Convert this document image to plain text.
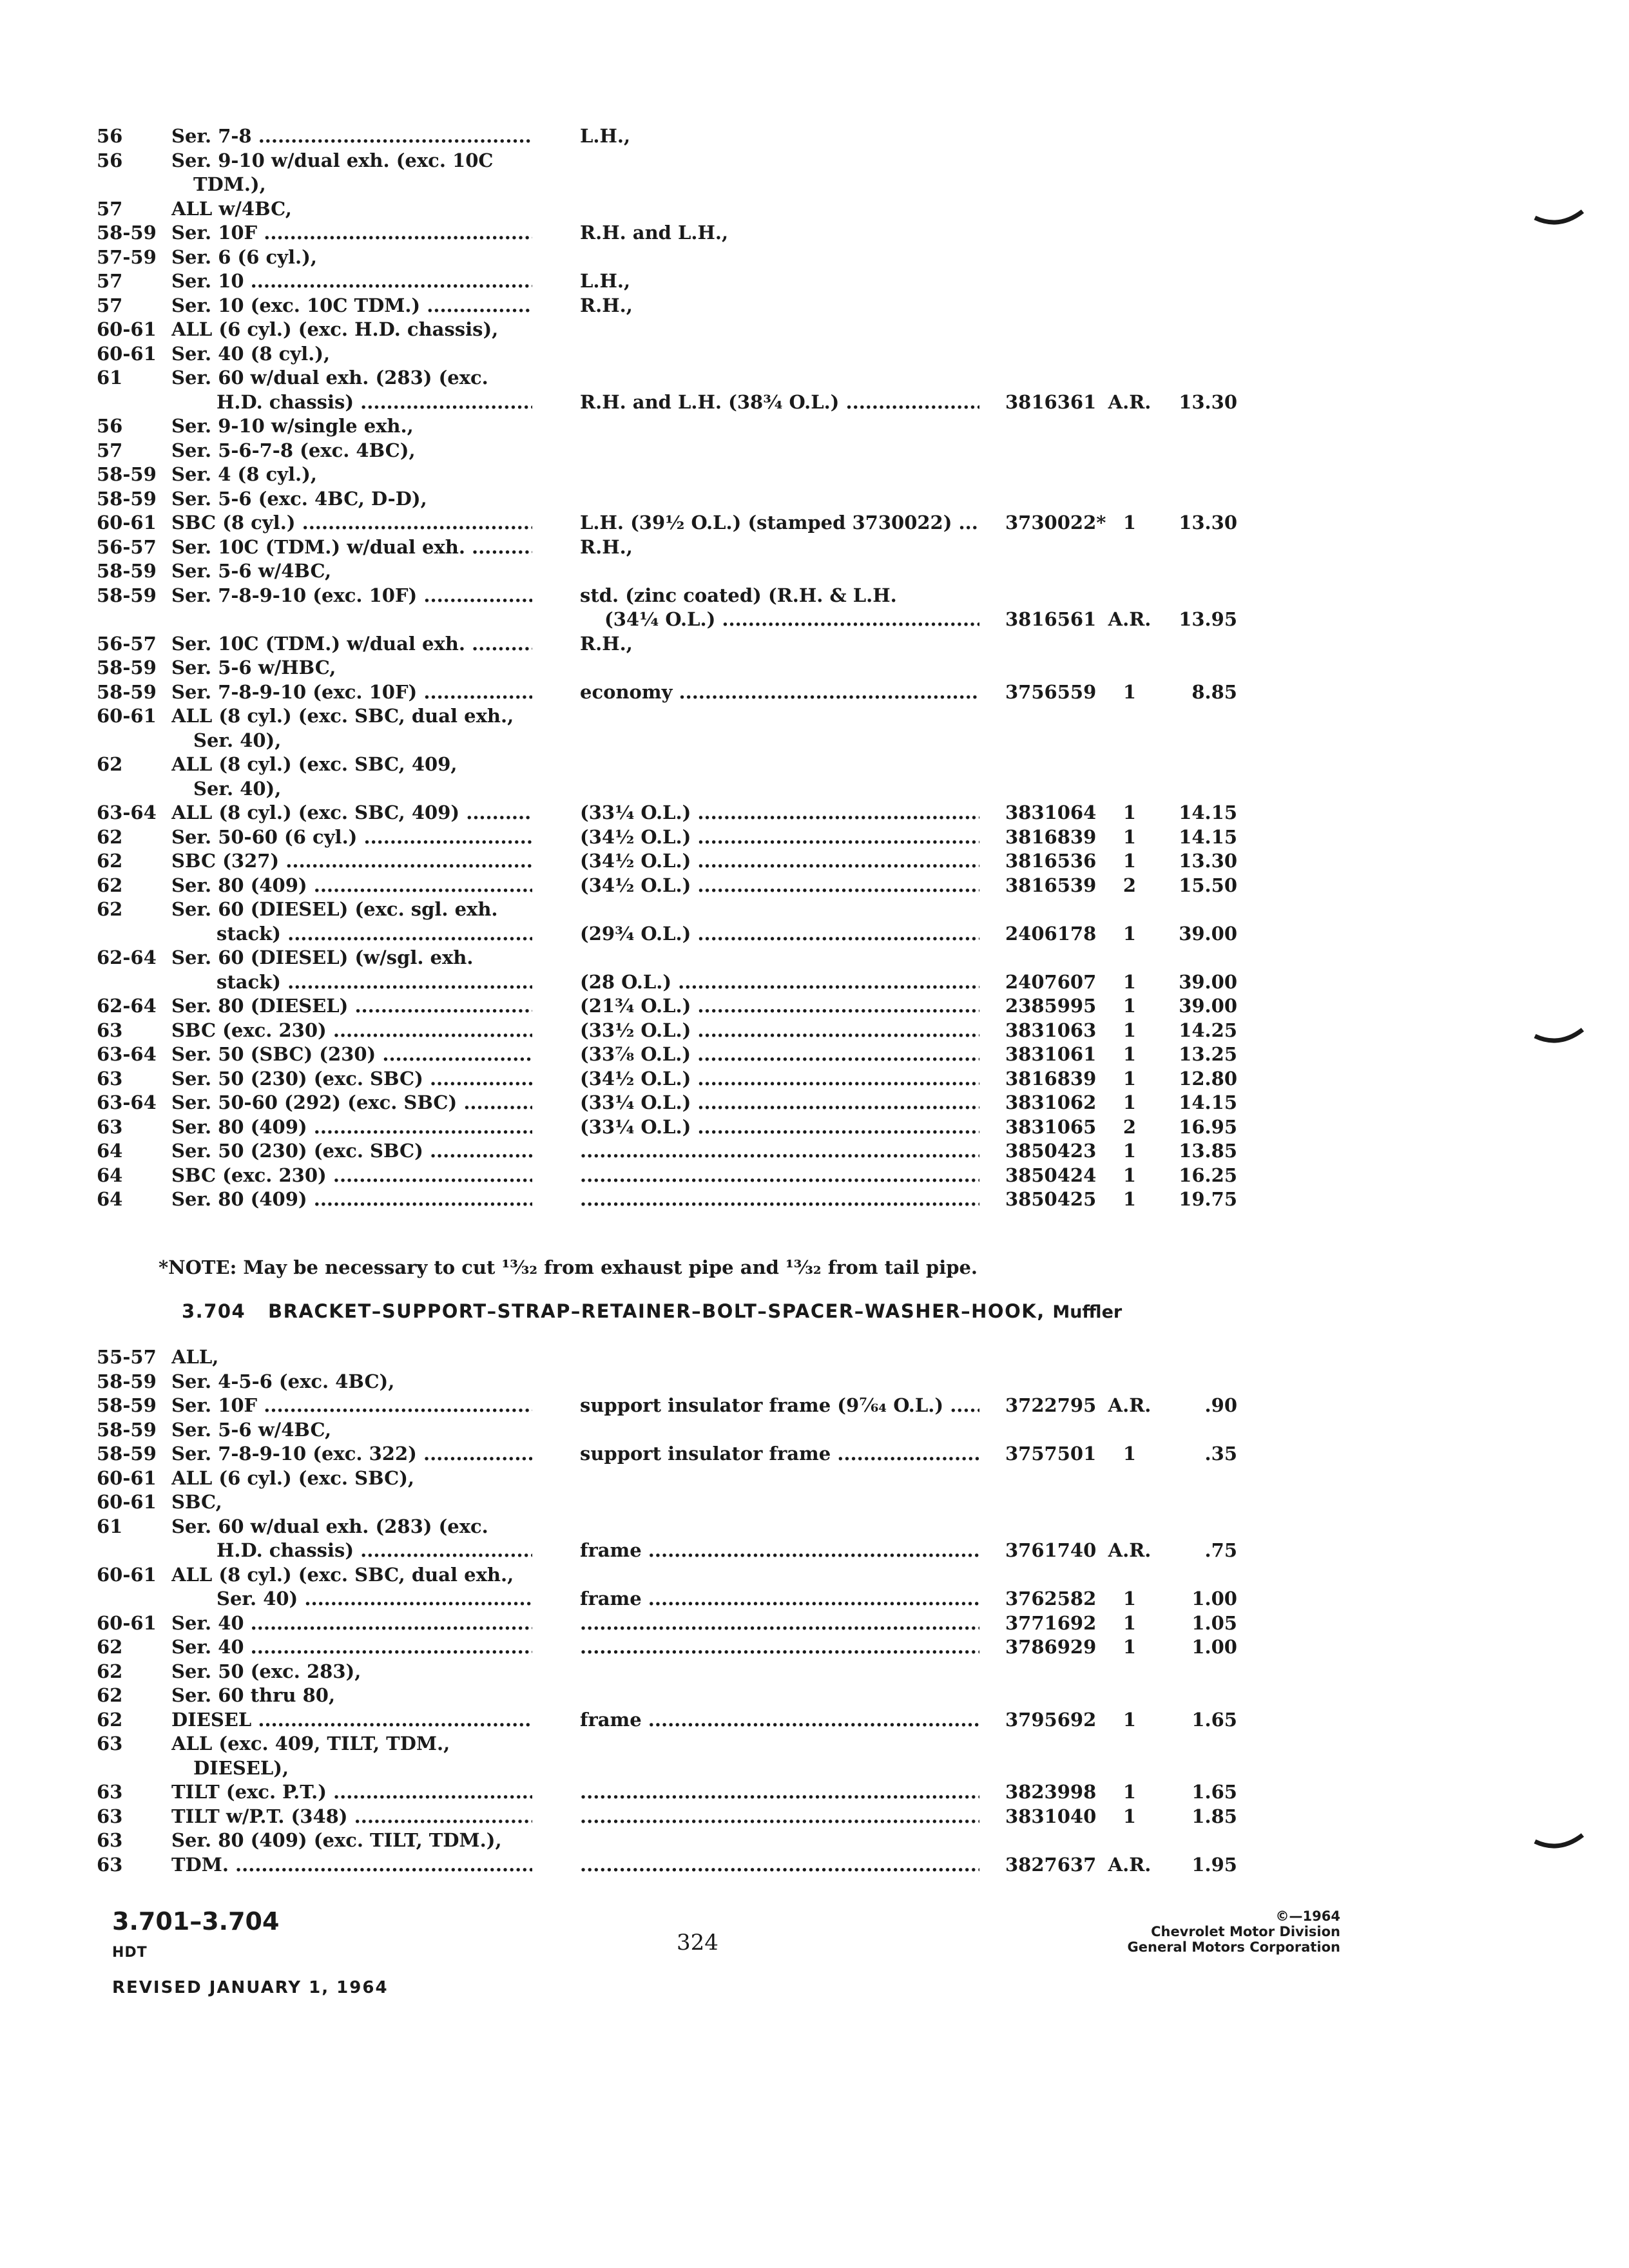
56	Ser. 7-8 .....	L.H.,
56	Ser. 9-10 w/dual exh. (exc. 10C
TDM.),
57	ALL w/4BC,
58-59 Ser. 10F .....	R.H. and L.H.,
57-59 Ser. 6 (6 cyl.),
57	Ser. 10 .....	L.H.,
57	Ser. 10 (exc. 10C TDM.) .....	R.H.,
60-61 ALL (6 cyl.) (exc. H.D. chassis),
60-61 Ser. 40 (8 cyl.),
61	Ser. 60 w/dual exh. (283) (exc.
H.D. chassis) .....	R.H. and L.H. (38¾ O.L.) .....	3816361 A.R.	13.30
56	Ser. 9-10 w/single exh.,
57	Ser. 5-6-7-8 (exc. 4BC),
58-59 Ser. 4 (8 cyl.),
58-59 Ser. 5-6 (exc. 4BC, D-D),
60-61 SBC (8 cyl.) .....	L.H. (39½ O.L.) (stamped 3730022) .....	3730022* 1	13.30
56-57 Ser. 10C (TDM.) w/dual exh. .....	R.H.,
58-59 Ser. 5-6 w/4BC,
58-59 Ser. 7-8-9-10 (exc. 10F) .....	std. (zinc coated) (R.H. & L.H.
(34¼ O.L.) .....	3816561 A.R.	13.95
56-57 Ser. 10C (TDM.) w/dual exh. .....	R.H.,
58-59 Ser. 5-6 w/HBC,
58-59 Ser. 7-8-9-10 (exc. 10F) .....	economy .....	3756559	1	8.85
60-61 ALL (8 cyl.) (exc. SBC, dual exh.,
Ser. 40),
62	ALL (8 cyl.) (exc. SBC, 409,
Ser. 40),
63-64 ALL (8 cyl.) (exc. SBC, 409) .....	(33¼ O.L.) .....	3831064	1	14.15
62	Ser. 50-60 (6 cyl.) .....	(34½ O.L.) .....	3816839	1	14.15
62	SBC (327) .....	(34½ O.L.) .....	3816536	1	13.30
62	Ser. 80 (409) .....	(34½ O.L.) .....	3816539	2	15.50
62	Ser. 60 (DIESEL) (exc. sgl. exh.
stack) .....	(29¾ O.L.) .....	2406178	1	39.00
62-64 Ser. 60 (DIESEL) (w/sgl. exh.
stack) .....	(28 O.L.) .....	2407607	1	39.00
62-64 Ser. 80 (DIESEL) .....	(21¾ O.L.) .....	2385995	1	39.00
63	SBC (exc. 230) .....	(33½ O.L.) .....	3831063	1	14.25
63-64 Ser. 50 (SBC) (230) .....	(33⅞ O.L.) .....	3831061	1	13.25
63	Ser. 50 (230) (exc. SBC) .....	(34½ O.L.) .....	3816839	1	12.80
63-64 Ser. 50-60 (292) (exc. SBC) .....	(33¼ O.L.) .....	3831062	1	14.15
63	Ser. 80 (409) .....	(33¼ O.L.) .....	3831065	2	16.95
64	Ser. 50 (230) (exc. SBC) ..... .....	3850423	1	13.85
64	SBC (exc. 230) ..... .....	3850424	1	16.25
64	Ser. 80 (409) ..... .....	3850425	1	19.75
*NOTE: May be necessary to cut ¹³⁄₃₂ from exhaust pipe and ¹³⁄₃₂ from tail pipe.
3.704 BRACKET–SUPPORT–STRAP–RETAINER–BOLT–SPACER–WASHER–HOOK, Muffler
55-57 ALL,
58-59 Ser. 4-5-6 (exc. 4BC),
58-59 Ser. 10F .....	support insulator frame (9⁷⁄₆₄ O.L.) .....	3722795 A.R.	.90
58-59 Ser. 5-6 w/4BC,
58-59 Ser. 7-8-9-10 (exc. 322) .....	support insulator frame .....	3757501	1	.35
60-61 ALL (6 cyl.) (exc. SBC),
60-61 SBC,
61	Ser. 60 w/dual exh. (283) (exc.
H.D. chassis) .....	frame .....	3761740 A.R.	.75
60-61 ALL (8 cyl.) (exc. SBC, dual exh.,
Ser. 40) .....	frame .....	3762582	1	1.00
60-61 Ser. 40 ..... .....	3771692	1	1.05
62	Ser. 40 ..... .....	3786929	1	1.00
62	Ser. 50 (exc. 283),
62	Ser. 60 thru 80,
62	DIESEL .....	frame .....	3795692	1	1.65
63	ALL (exc. 409, TILT, TDM.,
DIESEL),
63	TILT (exc. P.T.) ..... .....	3823998	1	1.65
63	TILT w/P.T. (348) ..... .....	3831040	1	1.85
63	Ser. 80 (409) (exc. TILT, TDM.),
63	TDM. ..... .....	3827637 A.R.	1.95
3.701–3.704
HDT
REVISED JANUARY 1, 1964
324
©—1964
Chevrolet Motor Division
General Motors Corporation
